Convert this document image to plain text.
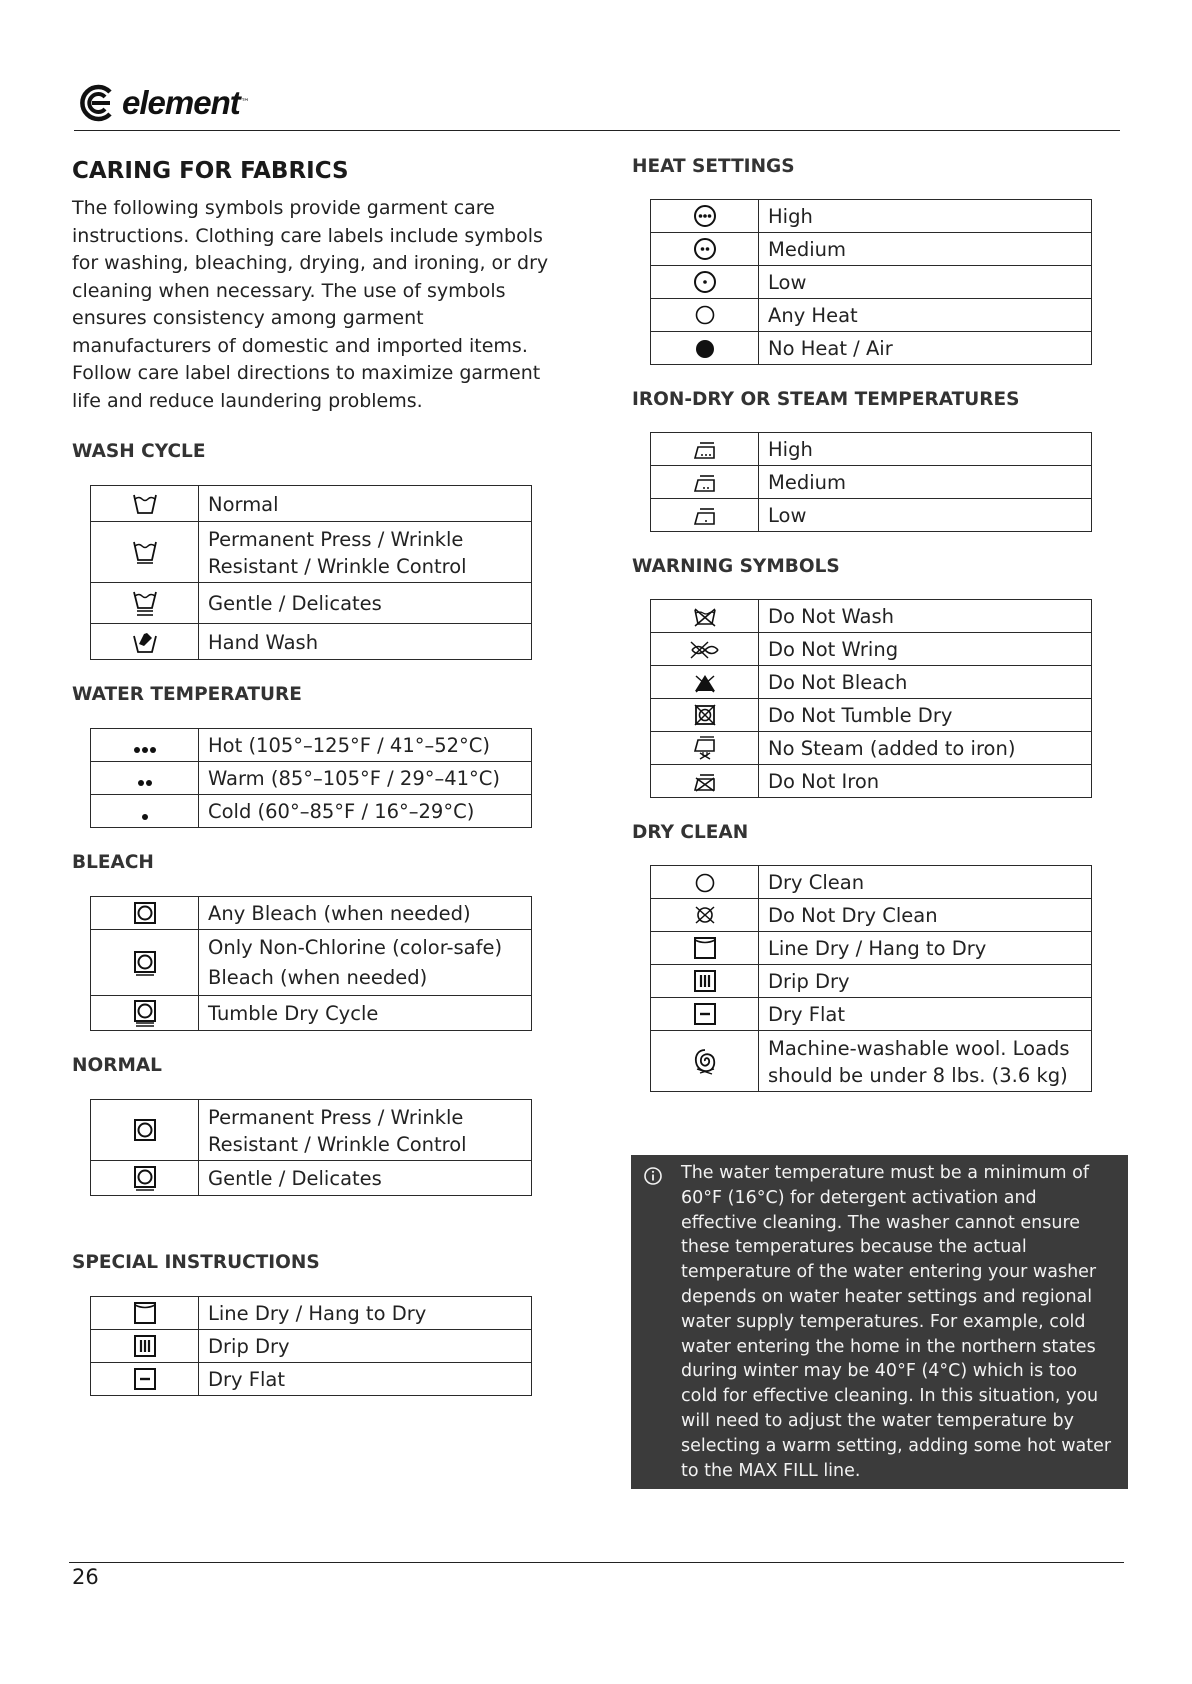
element ™
CARING FOR FABRICS

The following symbols provide garment care instructions. Clothing care labels include symbols for washing, bleaching, drying, and ironing, or dry cleaning when necessary. The use of symbols ensures consistency among garment manufacturers of domestic and imported items. Follow care label directions to maximize garment life and reduce laundering problems.

WASH CYCLE
	Normal
	Permanent Press / Wrinkle Resistant / Wrinkle Control
	Gentle / Delicates
	Hand Wash
WATER TEMPERATURE
	Hot (105°–125°F / 41°–52°C)
	Warm (85°–105°F / 29°–41°C)
	Cold (60°–85°F / 16°–29°C)
BLEACH
	Any Bleach (when needed)
	Only Non-Chlorine (color-safe) Bleach (when needed)
	Tumble Dry Cycle
NORMAL
	Permanent Press / Wrinkle Resistant / Wrinkle Control
	Gentle / Delicates
SPECIAL INSTRUCTIONS
	Line Dry / Hang to Dry
	Drip Dry
	Dry Flat
HEAT SETTINGS
	High
	Medium
	Low
	Any Heat
	No Heat / Air
IRON-DRY OR STEAM TEMPERATURES
	High
	Medium
	Low
WARNING SYMBOLS
	Do Not Wash
	Do Not Wring
	Do Not Bleach
	Do Not Tumble Dry
	No Steam (added to iron)
	Do Not Iron
DRY CLEAN
	Dry Clean
	Do Not Dry Clean
	Line Dry / Hang to Dry
	Drip Dry
	Dry Flat
	Machine-washable wool. Loads should be under 8 lbs. (3.6 kg)

The water temperature must be a minimum of 60°F (16°C) for detergent activation and effective cleaning. The washer cannot ensure these temperatures because the actual temperature of the water entering your washer depends on water heater settings and regional water supply temperatures. For example, cold water entering the home in the northern states during winter may be 40°F (4°C) which is too cold for effective cleaning. In this situation, you will need to adjust the water temperature by selecting a warm setting, adding some hot water to the MAX FILL line.

26
